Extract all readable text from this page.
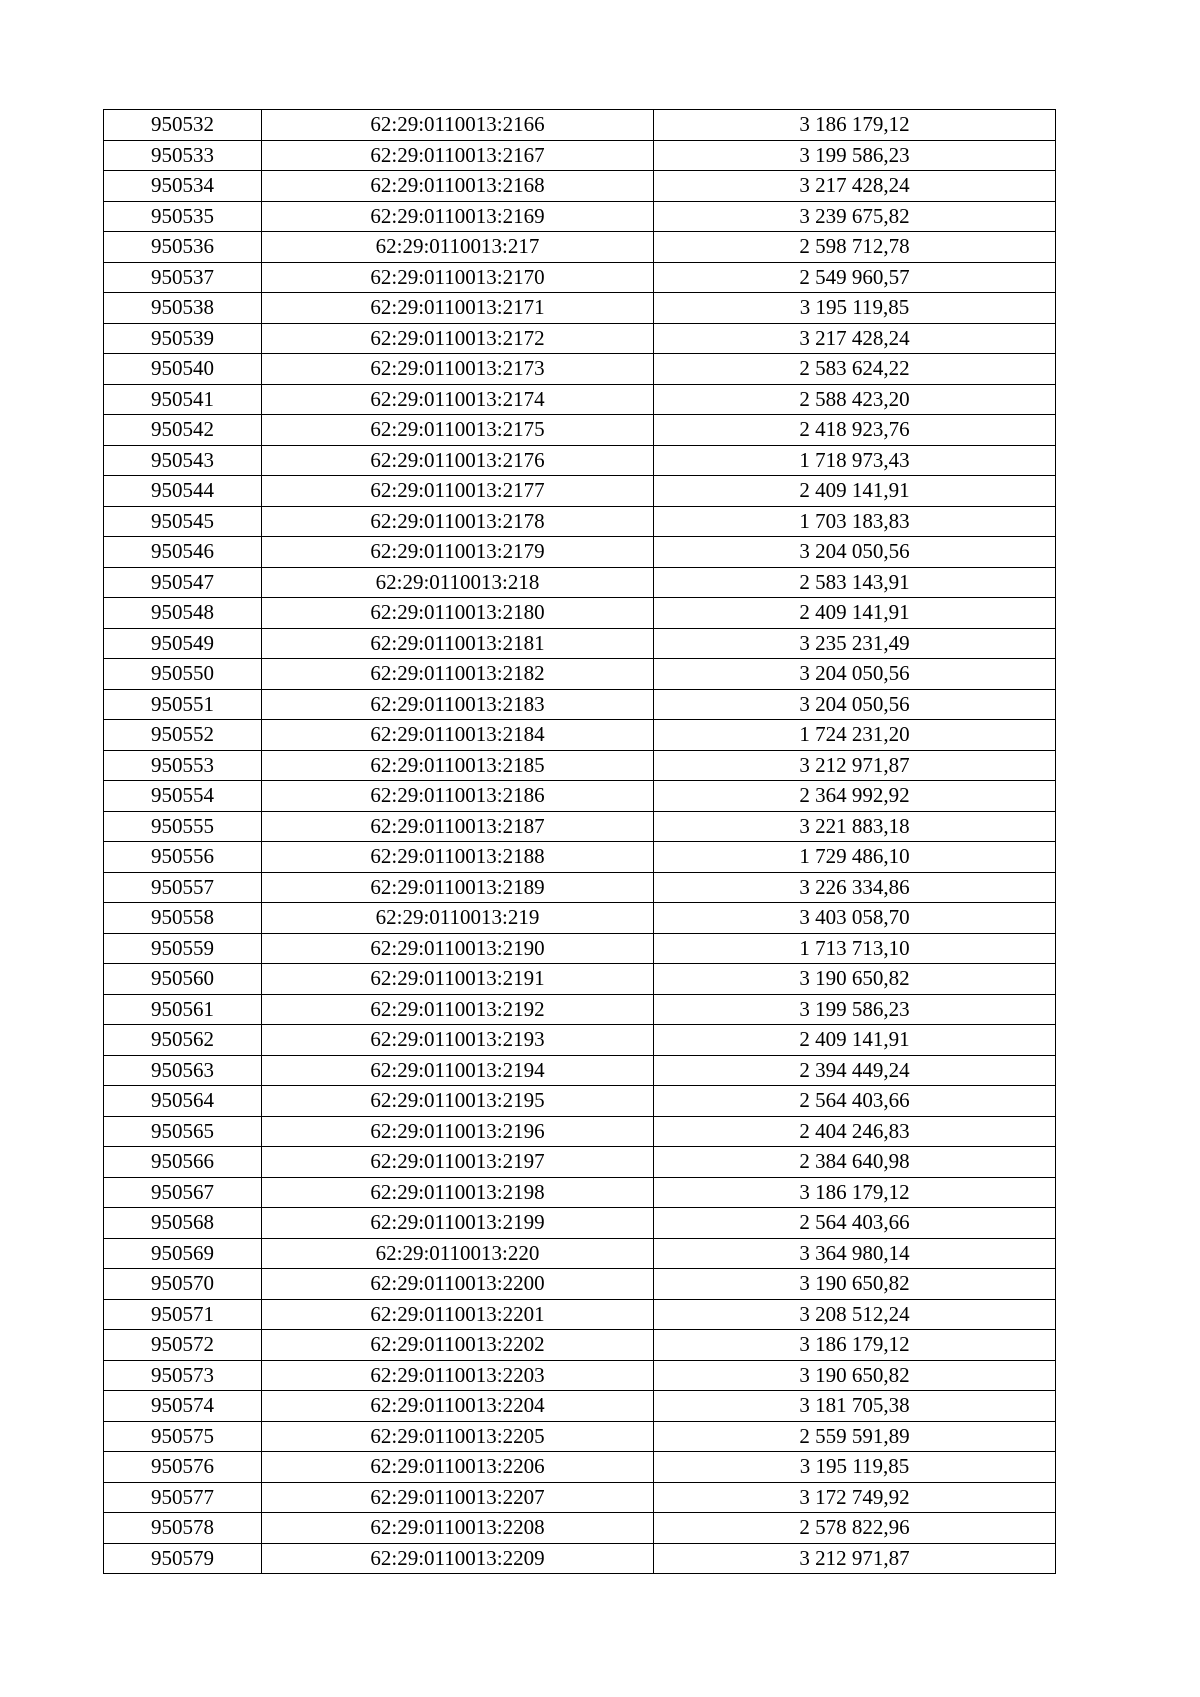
950532	62:29:0110013:2166	3 186 179,12
950533	62:29:0110013:2167	3 199 586,23
950534	62:29:0110013:2168	3 217 428,24
950535	62:29:0110013:2169	3 239 675,82
950536	62:29:0110013:217	2 598 712,78
950537	62:29:0110013:2170	2 549 960,57
950538	62:29:0110013:2171	3 195 119,85
950539	62:29:0110013:2172	3 217 428,24
950540	62:29:0110013:2173	2 583 624,22
950541	62:29:0110013:2174	2 588 423,20
950542	62:29:0110013:2175	2 418 923,76
950543	62:29:0110013:2176	1 718 973,43
950544	62:29:0110013:2177	2 409 141,91
950545	62:29:0110013:2178	1 703 183,83
950546	62:29:0110013:2179	3 204 050,56
950547	62:29:0110013:218	2 583 143,91
950548	62:29:0110013:2180	2 409 141,91
950549	62:29:0110013:2181	3 235 231,49
950550	62:29:0110013:2182	3 204 050,56
950551	62:29:0110013:2183	3 204 050,56
950552	62:29:0110013:2184	1 724 231,20
950553	62:29:0110013:2185	3 212 971,87
950554	62:29:0110013:2186	2 364 992,92
950555	62:29:0110013:2187	3 221 883,18
950556	62:29:0110013:2188	1 729 486,10
950557	62:29:0110013:2189	3 226 334,86
950558	62:29:0110013:219	3 403 058,70
950559	62:29:0110013:2190	1 713 713,10
950560	62:29:0110013:2191	3 190 650,82
950561	62:29:0110013:2192	3 199 586,23
950562	62:29:0110013:2193	2 409 141,91
950563	62:29:0110013:2194	2 394 449,24
950564	62:29:0110013:2195	2 564 403,66
950565	62:29:0110013:2196	2 404 246,83
950566	62:29:0110013:2197	2 384 640,98
950567	62:29:0110013:2198	3 186 179,12
950568	62:29:0110013:2199	2 564 403,66
950569	62:29:0110013:220	3 364 980,14
950570	62:29:0110013:2200	3 190 650,82
950571	62:29:0110013:2201	3 208 512,24
950572	62:29:0110013:2202	3 186 179,12
950573	62:29:0110013:2203	3 190 650,82
950574	62:29:0110013:2204	3 181 705,38
950575	62:29:0110013:2205	2 559 591,89
950576	62:29:0110013:2206	3 195 119,85
950577	62:29:0110013:2207	3 172 749,92
950578	62:29:0110013:2208	2 578 822,96
950579	62:29:0110013:2209	3 212 971,87
